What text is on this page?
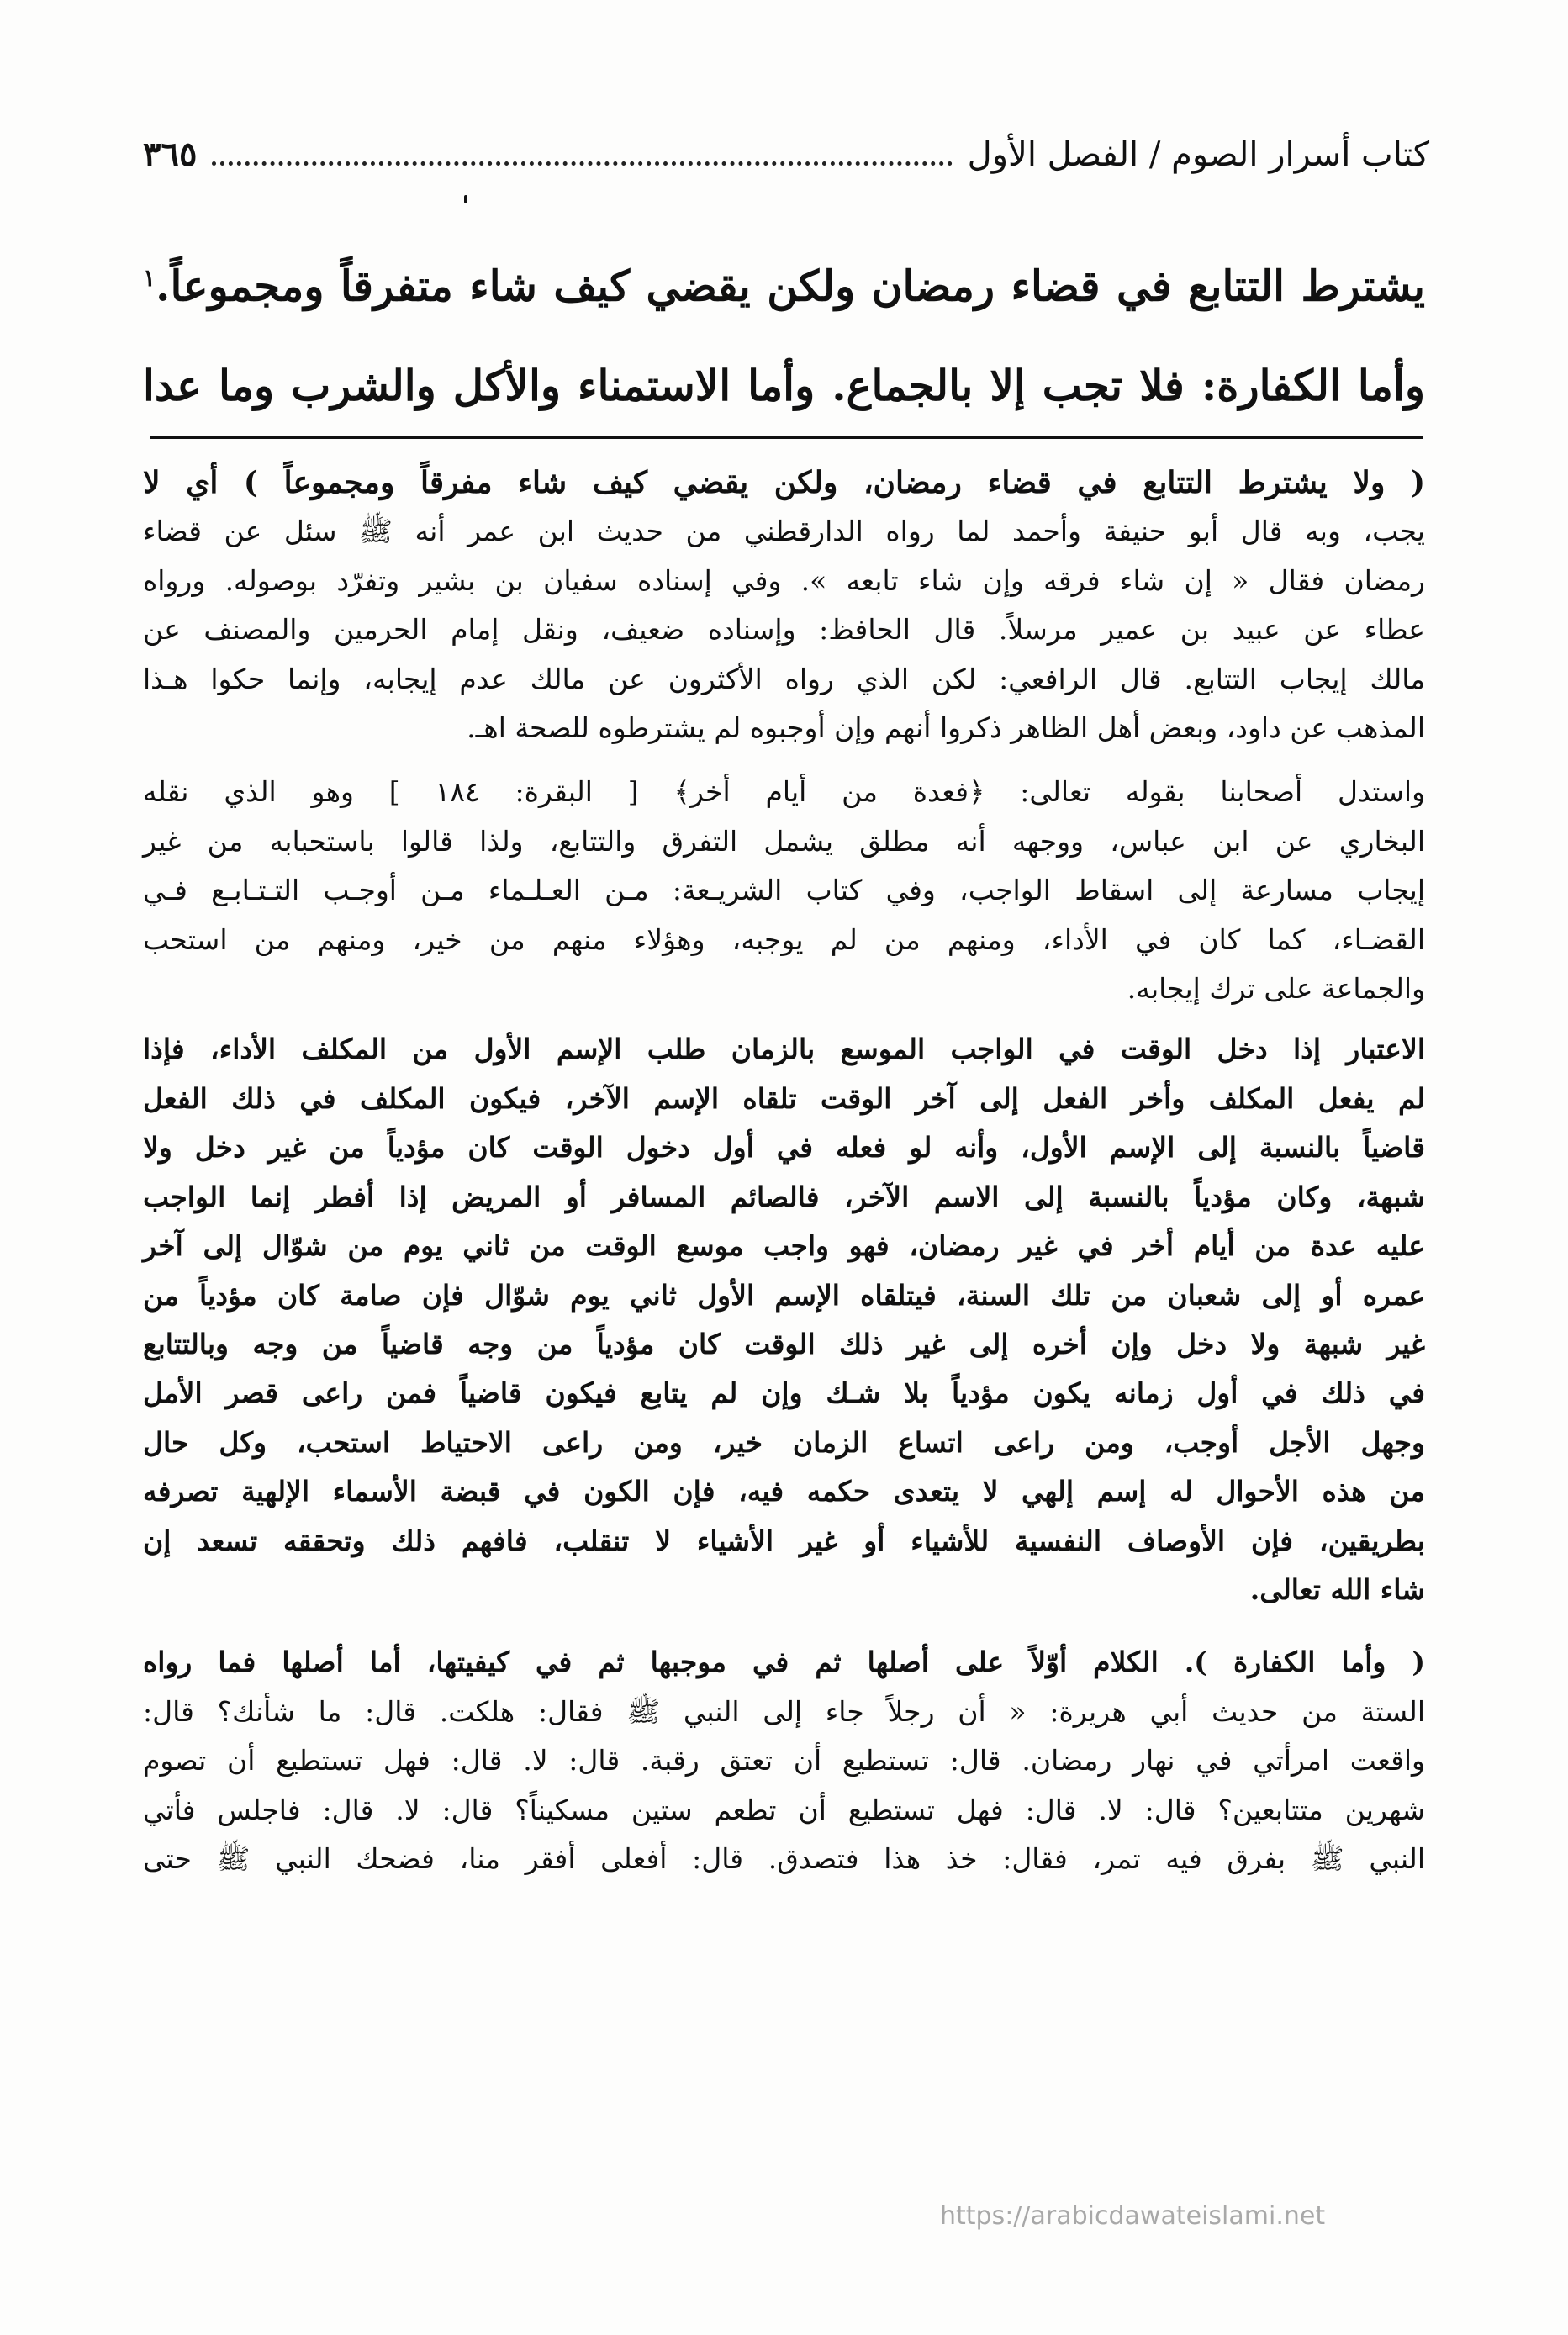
كتاب أسرار الصوم / الفصل الأول
٣٦٥
يشترط التتابع في قضاء رمضان ولكن يقضي كيف شاء متفرقاً ومجموعاً.$^١$
وأما الكفارة: فلا تجب إلا بالجماع. وأما الاستمناء والأكل والشرب وما عدا

( ولا يشترط التتابع في قضاء رمضان، ولكن يقضي كيف شاء مفرقاً ومجموعاً ) أي لا
يجب، وبه قال أبو حنيفة وأحمد لما رواه الدارقطني من حديث ابن عمر أنه ﷺ سئل عن قضاء
رمضان فقال « إن شاء فرقه وإن شاء تابعه ». وفي إسناده سفيان بن بشير وتفرّد بوصوله. ورواه
عطاء عن عبيد بن عمير مرسلاً. قال الحافظ: وإسناده ضعيف، ونقل إمام الحرمين والمصنف عن
مالك إيجاب التتابع. قال الرافعي: لكن الذي رواه الأكثرون عن مالك عدم إيجابه، وإنما حكوا هـذا
المذهب عن داود، وبعض أهل الظاهر ذكروا أنهم وإن أوجبوه لم يشترطوه للصحة اهـ.

واستدل أصحابنا بقوله تعالى: ﴿فعدة من أيام أخر﴾ [ البقرة: ١٨٤ ] وهو الذي نقله
البخاري عن ابن عباس، ووجهه أنه مطلق يشمل التفرق والتتابع، ولذا قالوا باستحبابه من غير
إيجاب مسارعة إلى اسقاط الواجب، وفي كتاب الشريـعة: مـن العـلـماء مـن أوجـب التـتـابـع فـي
القضـاء، كما كان في الأداء، ومنهم من لم يوجبه، وهؤلاء منهم من خير، ومنهم من استحب
والجماعة على ترك إيجابه.

الاعتبار إذا دخل الوقت في الواجب الموسع بالزمان طلب الإسم الأول من المكلف الأداء، فإذا
لم يفعل المكلف وأخر الفعل إلى آخر الوقت تلقاه الإسم الآخر، فيكون المكلف في ذلك الفعل
قاضياً بالنسبة إلى الإسم الأول، وأنه لو فعله في أول دخول الوقت كان مؤدياً من غير دخل ولا
شبهة، وكان مؤدياً بالنسبة إلى الاسم الآخر، فالصائم المسافر أو المريض إذا أفطر إنما الواجب
عليه عدة من أيام أخر في غير رمضان، فهو واجب موسع الوقت من ثاني يوم من شوّال إلى آخر
عمره أو إلى شعبان من تلك السنة، فيتلقاه الإسم الأول ثاني يوم شوّال فإن صامة كان مؤدياً من
غير شبهة ولا دخل وإن أخره إلى غير ذلك الوقت كان مؤدياً من وجه قاضياً من وجه وبالتتابع
في ذلك في أول زمانه يكون مؤدياً بلا شـك وإن لم يتابع فيكون قاضياً فمن راعى قصر الأمل
وجهل الأجل أوجب، ومن راعى اتساع الزمان خير، ومن راعى الاحتياط استحب، وكل حال
من هذه الأحوال له إسم إلهي لا يتعدى حكمه فيه، فإن الكون في قبضة الأسماء الإلهية تصرفه
بطريقين، فإن الأوصاف النفسية للأشياء أو غير الأشياء لا تنقلب، فافهم ذلك وتحققه تسعد إن
شاء الله تعالى.

( وأما الكفارة ). الكلام أوّلاً على أصلها ثم في موجبها ثم في كيفيتها، أما أصلها فما رواه
الستة من حديث أبي هريرة: « أن رجلاً جاء إلى النبي ﷺ فقال: هلكت. قال: ما شأنك؟ قال:
واقعت امرأتي في نهار رمضان. قال: تستطيع أن تعتق رقبة. قال: لا. قال: فهل تستطيع أن تصوم
شهرين متتابعين؟ قال: لا. قال: فهل تستطيع أن تطعم ستين مسكيناً؟ قال: لا. قال: فاجلس فأتي
النبي ﷺ بفرق فيه تمر، فقال: خذ هذا فتصدق. قال: أفعلى أفقر منا، فضحك النبي ﷺ حتى

https://arabicdawateislami.net
